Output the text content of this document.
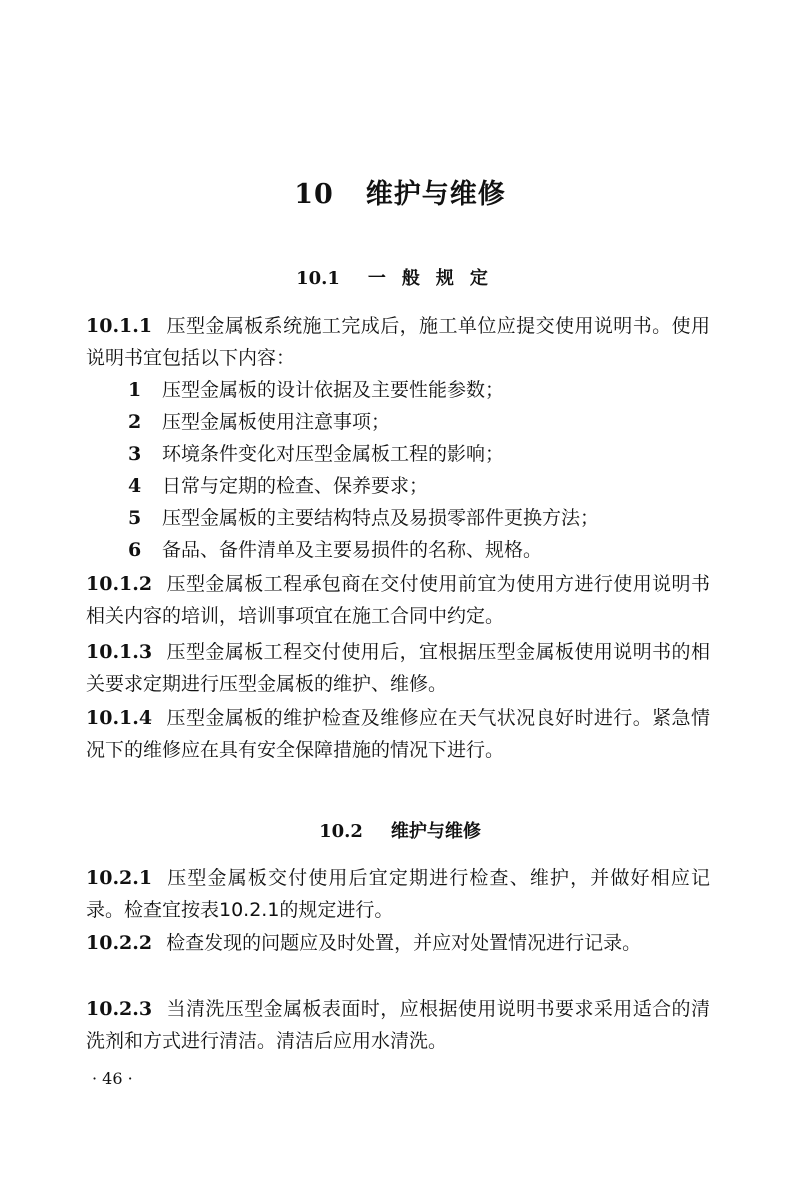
10 维护与维修
10.1 一般规定
10.1.1 压型金属板系统施工完成后，施工单位应提交使用说明书。使用说明书宜包括以下内容：
1 压型金属板的设计依据及主要性能参数；
2 压型金属板使用注意事项；
3 环境条件变化对压型金属板工程的影响；
4 日常与定期的检查、保养要求；
5 压型金属板的主要结构特点及易损零部件更换方法；
6 备品、备件清单及主要易损件的名称、规格。
10.1.2 压型金属板工程承包商在交付使用前宜为使用方进行使用说明书相关内容的培训，培训事项宜在施工合同中约定。
10.1.3 压型金属板工程交付使用后，宜根据压型金属板使用说明书的相关要求定期进行压型金属板的维护、维修。
10.1.4 压型金属板的维护检查及维修应在天气状况良好时进行。紧急情况下的维修应在具有安全保障措施的情况下进行。
10.2 维护与维修
10.2.1 压型金属板交付使用后宜定期进行检查、维护，并做好相应记录。检查宜按表10.2.1的规定进行。
10.2.2 检查发现的问题应及时处置，并应对处置情况进行记录。
10.2.3 当清洗压型金属板表面时，应根据使用说明书要求采用适合的清洗剂和方式进行清洁。清洁后应用水清洗。
· 46 ·
